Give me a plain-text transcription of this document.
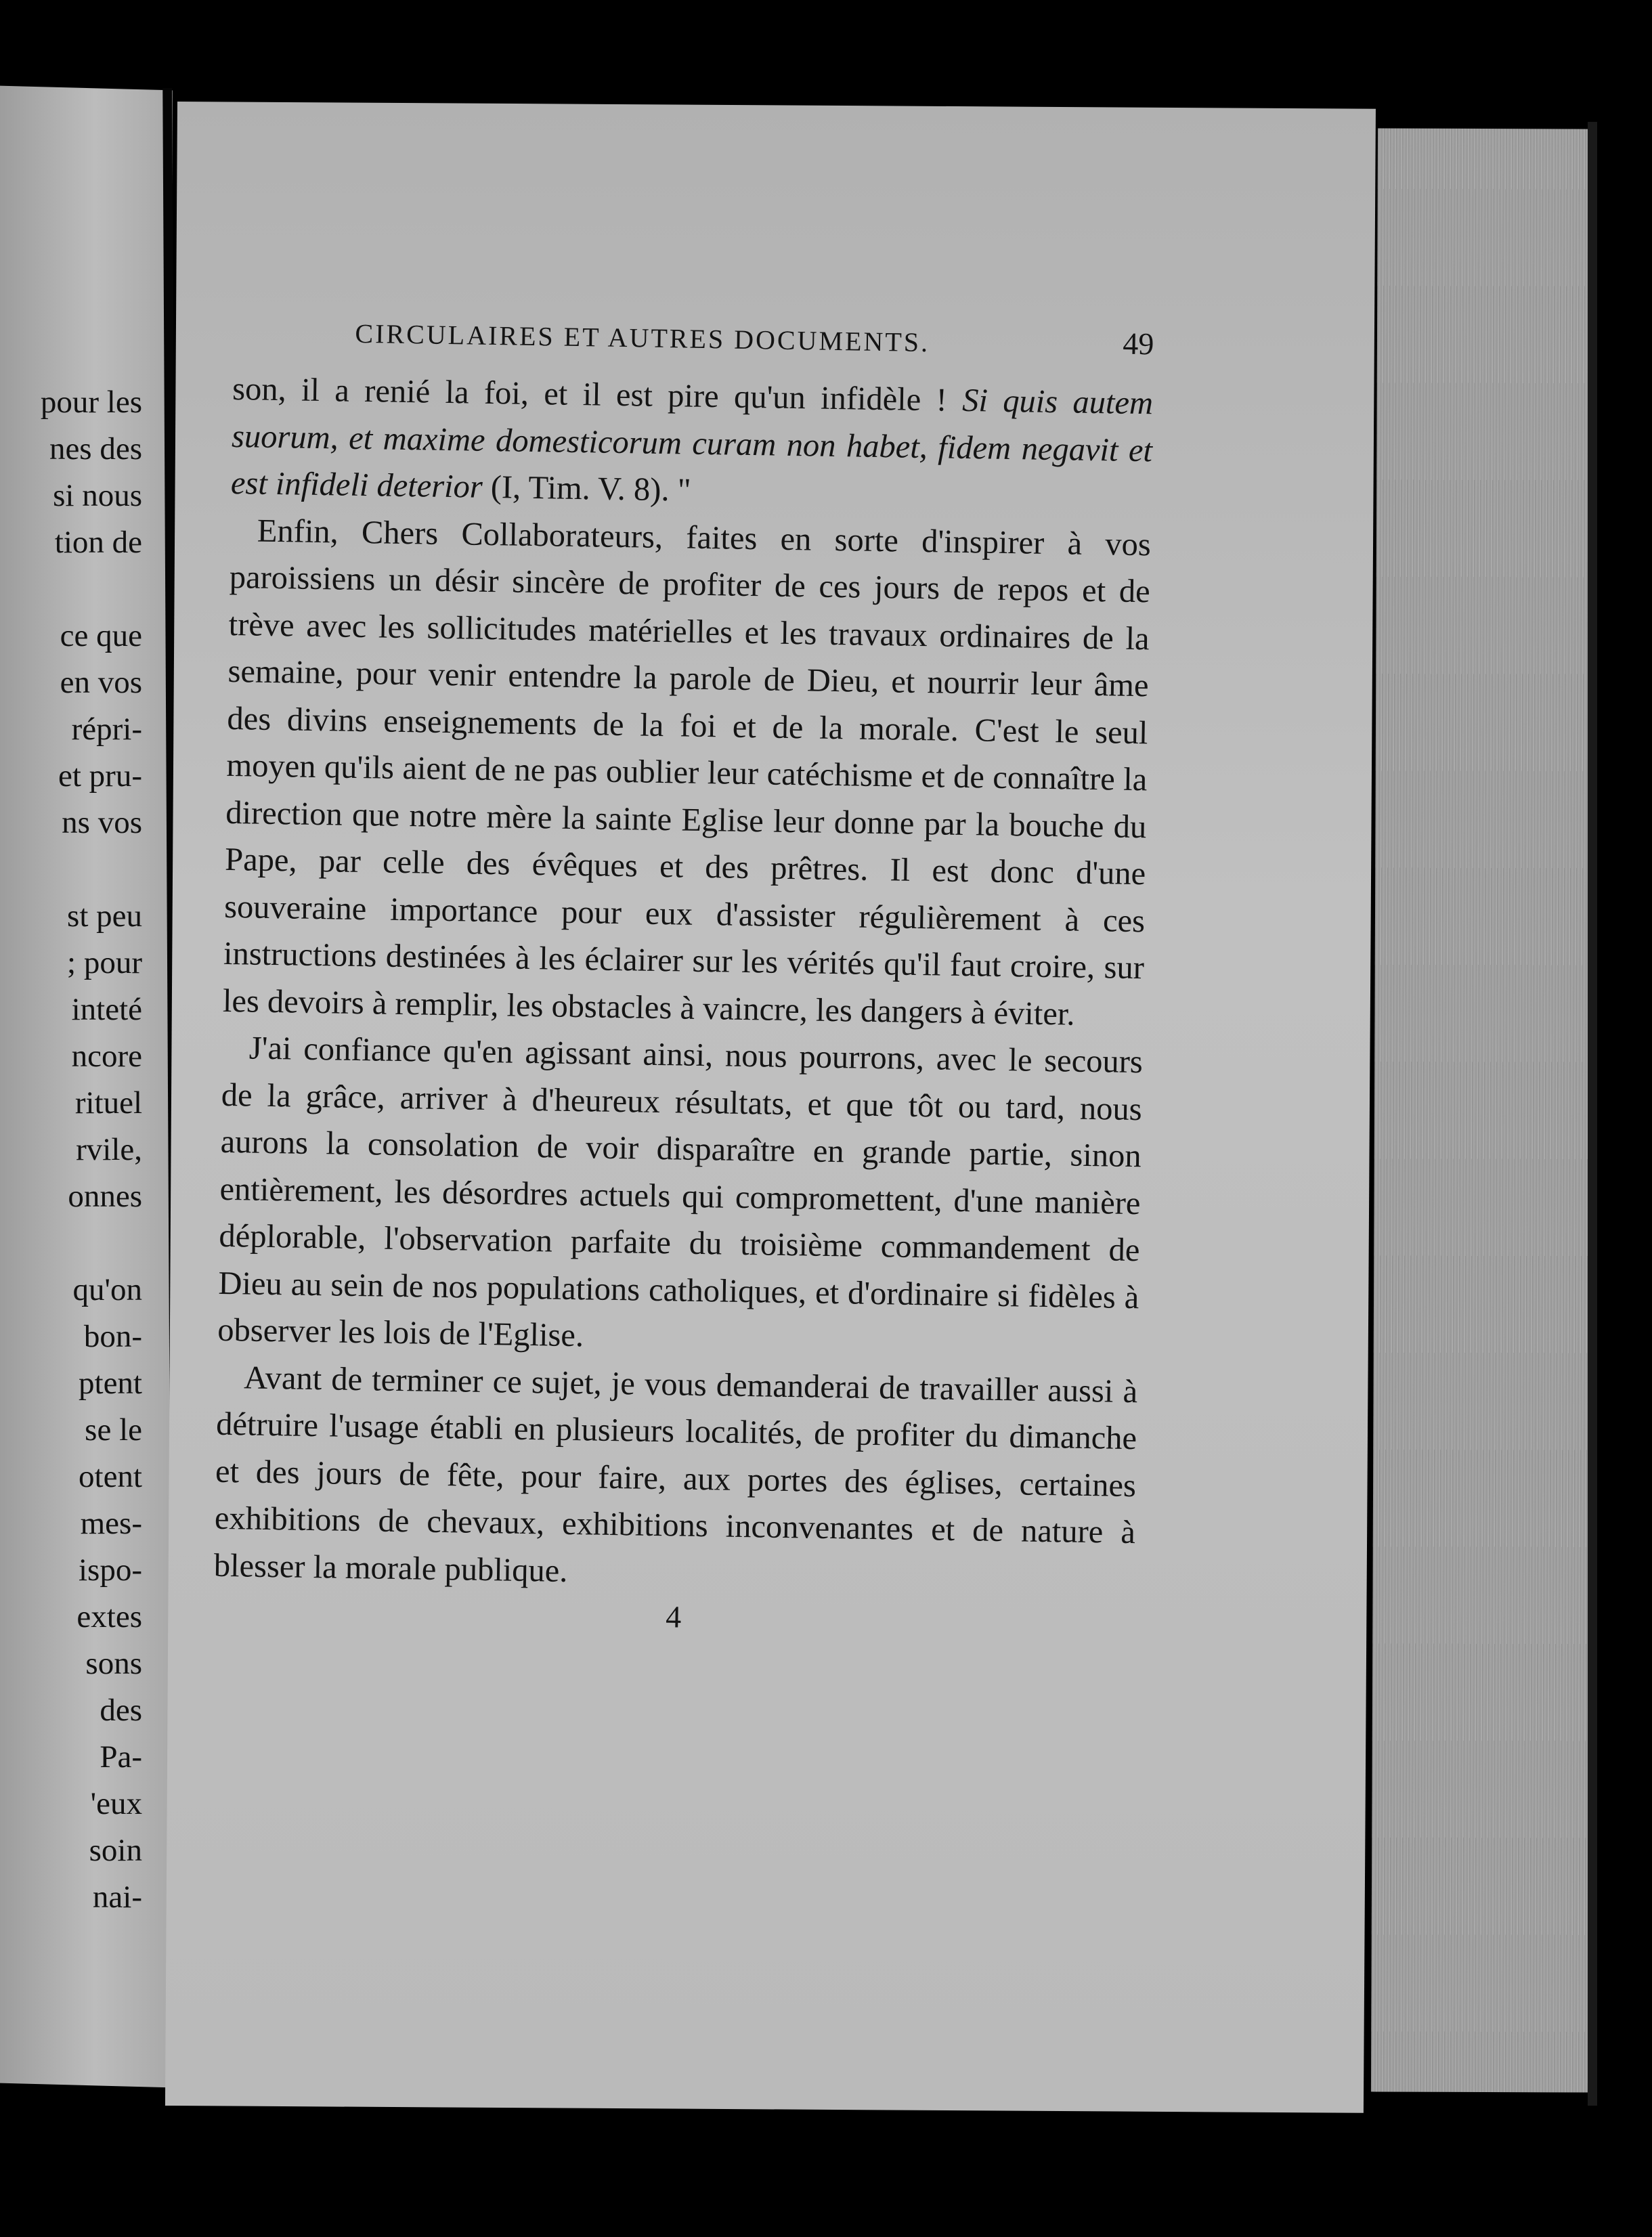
pour les
nes des
si nous
tion de
ce que
en vos
répri-
et pru-
ns vos
st peu
; pour
inteté
ncore
rituel
rvile,
onnes
qu'on
bon-
ptent
se le
otent
mes-
ispo-
extes
sons
des
Pa-
'eux
soin
nai-
CIRCULAIRES ET AUTRES DOCUMENTS.	49

son, il a renié la foi, et il est pire qu'un infidèle ! Si quis autem suorum, et maxime domesticorum curam non habet, fidem negavit et est infideli deterior (I, Tim. V. 8). "

Enfin, Chers Collaborateurs, faites en sorte d'inspirer à vos paroissiens un désir sincère de profiter de ces jours de repos et de trève avec les sollicitudes matérielles et les travaux ordinaires de la semaine, pour venir entendre la parole de Dieu, et nourrir leur âme des divins enseignements de la foi et de la morale. C'est le seul moyen qu'ils aient de ne pas oublier leur catéchisme et de connaître la direction que notre mère la sainte Eglise leur donne par la bouche du Pape, par celle des évêques et des prêtres. Il est donc d'une souveraine importance pour eux d'assister régulièrement à ces instructions destinées à les éclairer sur les vérités qu'il faut croire, sur les devoirs à remplir, les obstacles à vaincre, les dangers à éviter.

J'ai confiance qu'en agissant ainsi, nous pourrons, avec le secours de la grâce, arriver à d'heureux résultats, et que tôt ou tard, nous aurons la consolation de voir disparaître en grande partie, sinon entièrement, les désordres actuels qui compromettent, d'une manière déplorable, l'observation parfaite du troisième commandement de Dieu au sein de nos populations catholiques, et d'ordinaire si fidèles à observer les lois de l'Eglise.

Avant de terminer ce sujet, je vous demanderai de travailler aussi à détruire l'usage établi en plusieurs localités, de profiter du dimanche et des jours de fête, pour faire, aux portes des églises, certaines exhibitions de chevaux, exhibitions inconvenantes et de nature à blesser la morale publique.

4
